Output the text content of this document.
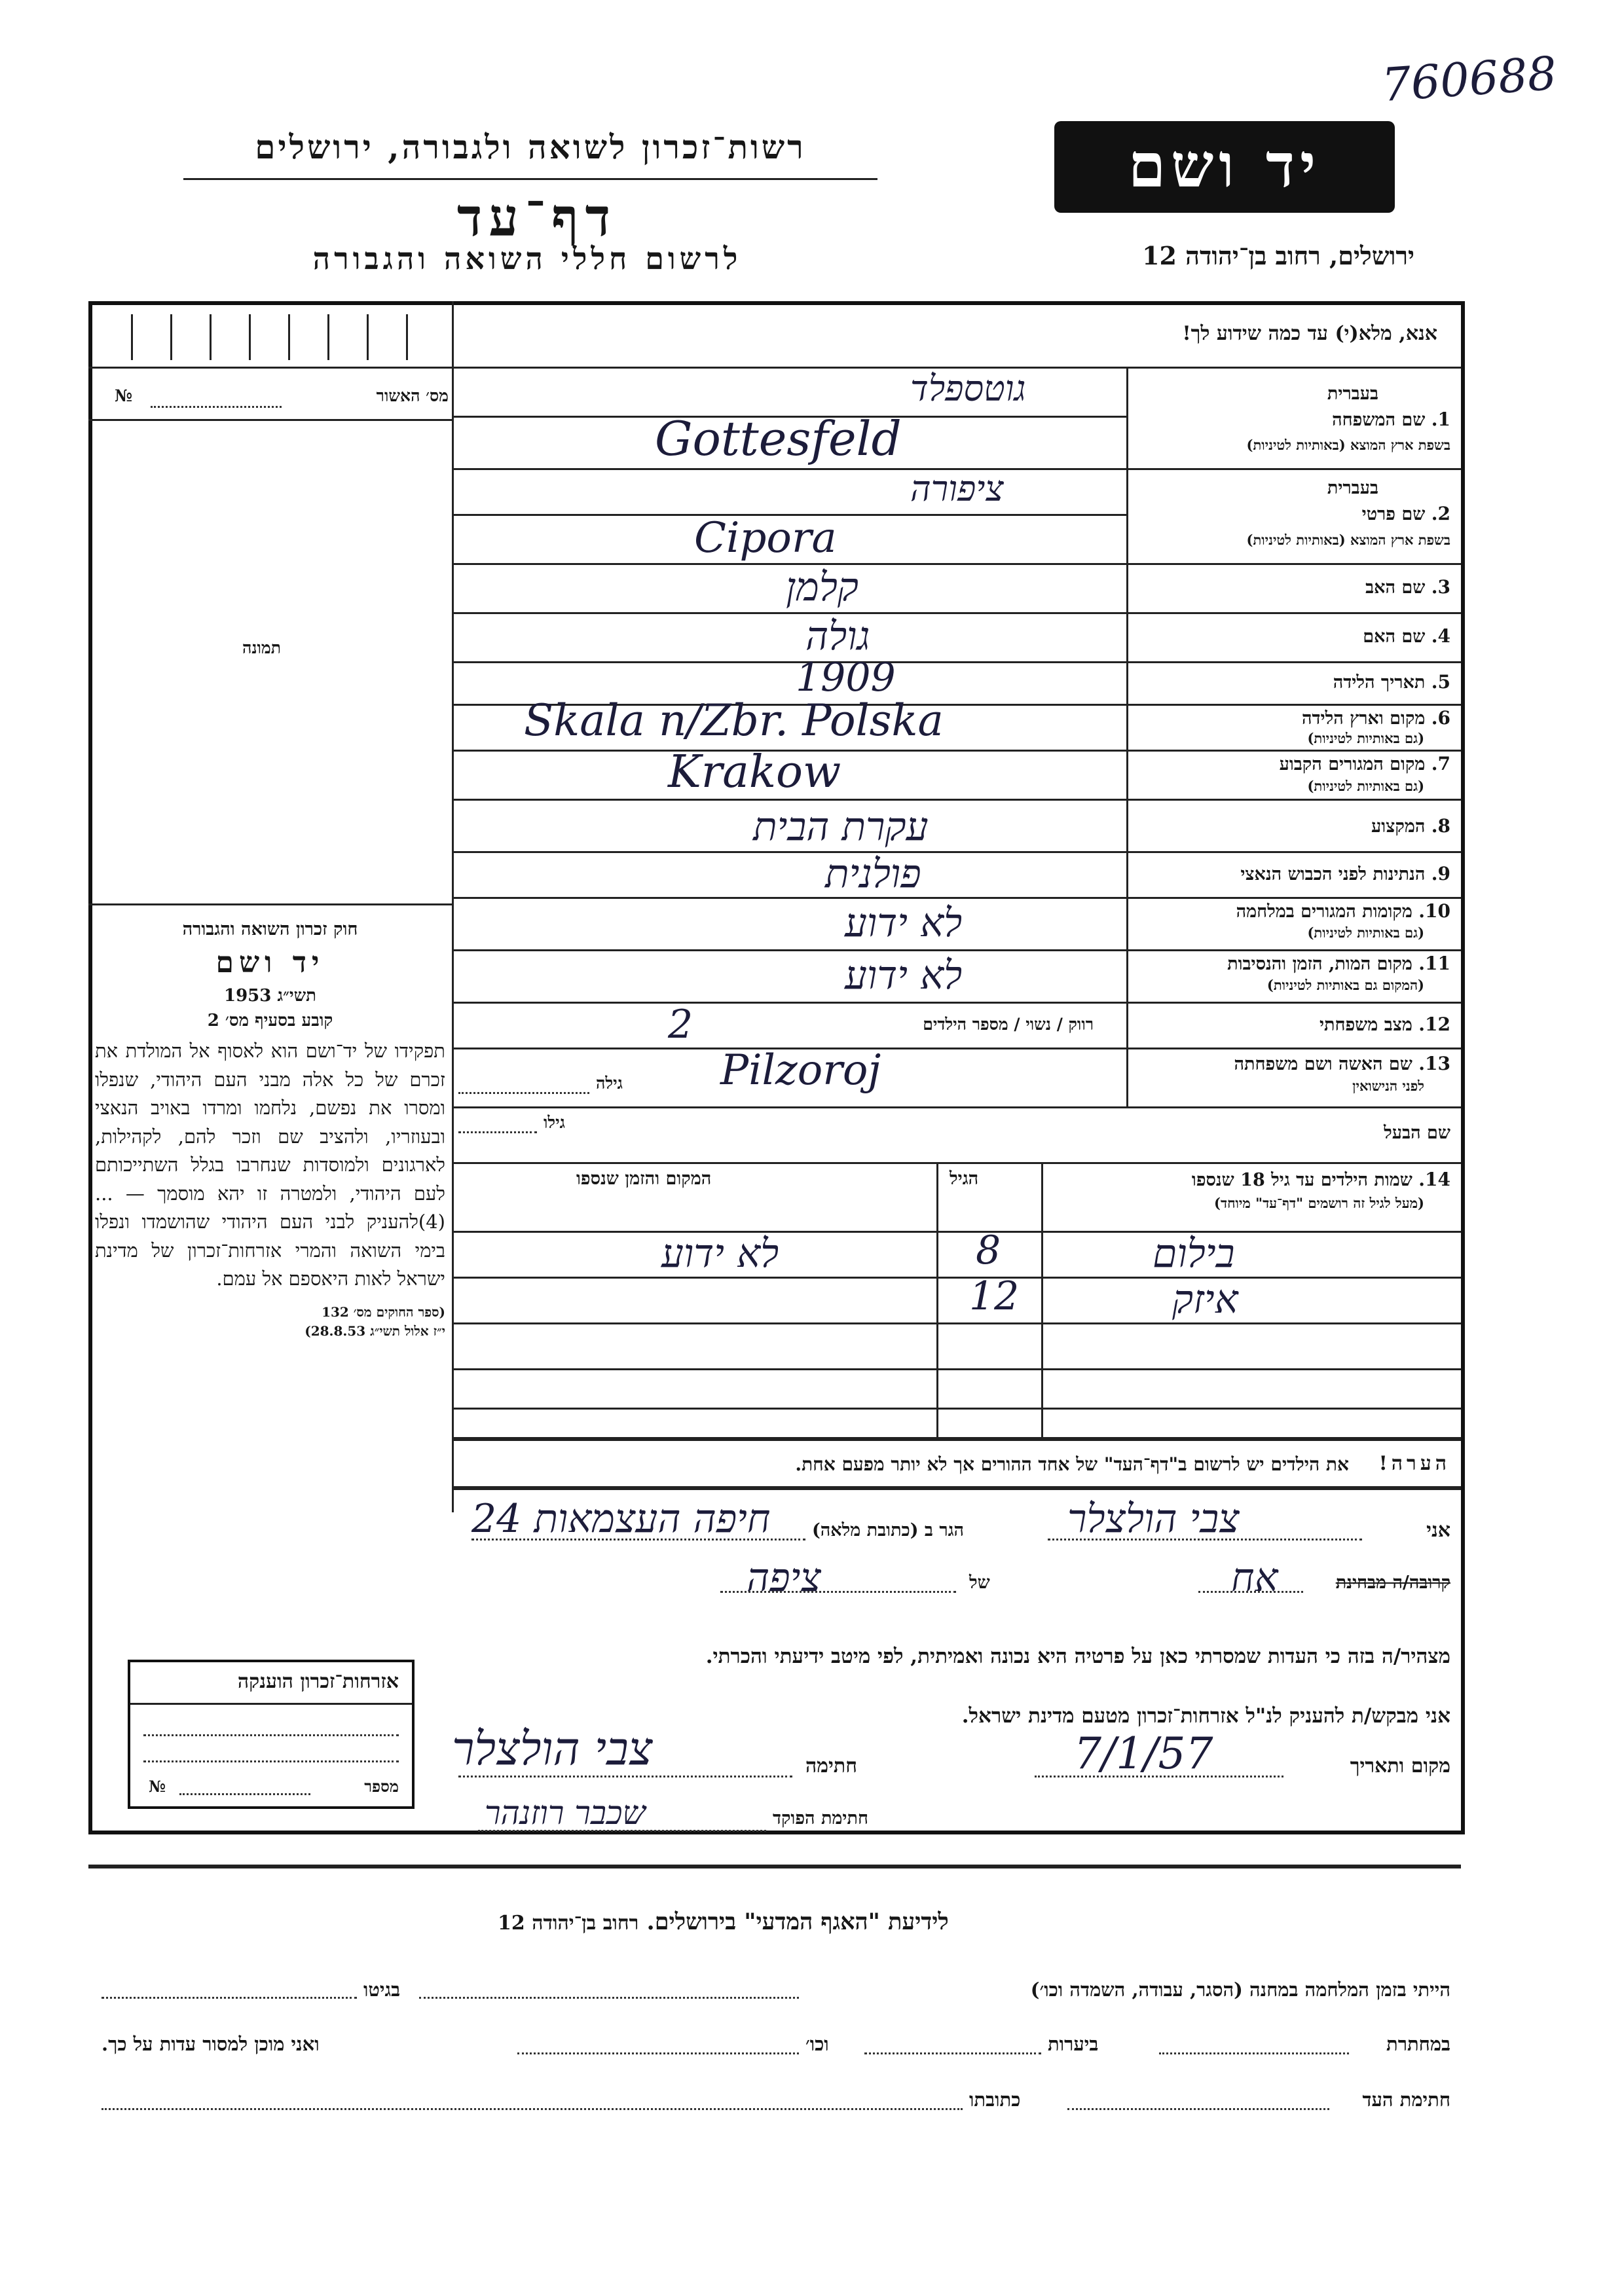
760688
רשות־זכרון לשואה ולגבורה, ירושלים
דף־עד
לרשום חללי השואה והגבורה
יד ושם
ירושלים, רחוב בן־יהודה 12
אנא, מלא(י) עד כמה שידוע לך!
מס׳ האשור
№
תמונה
בעברית
1. שם המשפחה
בשפת ארץ המוצא (באותיות לטיניות)
גוטספלד
Gottesfeld
בעברית
2. שם פרטי
בשפת ארץ המוצא (באותיות לטיניות)
ציפורה
Cipora
3. שם האב
קלמן
4. שם האם
גולה
5. תאריך הלידה
1909
6. מקום וארץ הלידה
(גם באותיות לטיניות)
Skala n/Zbr. Polska
7. מקום המגורים הקבוע
(גם באותיות לטיניות)
Krakow
8. המקצוע
עקרת הבית
9. הנתינות לפני הכבוש הנאצי
פולנית
10. מקומות המגורים במלחמה
(גם באותיות לטיניות)
לא ידוע
11. מקום המות, הזמן והנסיבות
(המקום גם באותיות לטיניות)
לא ידוע
12. מצב משפחתי
רווק / נשוי / מספר הילדים
2
13. שם האשה ושם משפחתה
לפני הנישואין
Pilzoroj
גילה
שם הבעל
גילו
14. שמות הילדים עד גיל 18 שנספו
(מעל לגיל זה רושמים "דף־עד" מיוחד)
הגיל
המקום והזמן שנספו
בילום
8
לא ידוע
איזק
12
חוק זכרון השואה והגבורה
יד ושם
תשי״ג 1953
קובע בסעיף מס׳ 2
תפקידו של יד־ושם הוא לאסוף אל המולדת את זכרם של כל אלה מבני העם היהודי, שנפלו ומסרו את נפשם, נלחמו ומרדו באויב הנאצי ובעוזריו, ולהציב שם וזכר להם, לקהילות, לארגונים ולמוסדות שנחרבו בגלל השתייכותם לעם היהודי, ולמטרה זו יהא מוסמך — ...(4)להעניק לבני העם היהודי שהושמדו ונפלו בימי השואה והמרי אזרחות־זכרון של מדינת ישראל לאות היאספם אל עמם.
(ספר החוקים מס׳ 132
י״ז אלול תשי״ג 28.8.53)
הערה!
את הילדים יש לרשום ב"דף־העד" של אחד ההורים אך לא יותר מפעם אחת.
אני
צבי הולצלר
הגר ב (כתובת מלאה)
חיפה העצמאות 24
קרובה/ה מבחינת
אח
של
ציפה
מצהיר/ה בזה כי העדות שמסרתי כאן על פרטיה היא נכונה ואמיתית, לפי מיטב ידיעתי והכרתי.
אני מבקש/ת להעניק לנ"ל אזרחות־זכרון מטעם מדינת ישראל.
מקום ותאריך
7/1/57
חתימה
צבי הולצלר
חתימת הפוקד
שכבר רוזנהר
אזרחות־זכרון הוענקה
מספר
№
לידיעת "האגף המדעי" בירושלים. רחוב בן־יהודה 12
הייתי בזמן המלחמה במחנה (הסגר, עבודה, השמדה וכו׳)
בגיטו
במחתרת
ביערות
וכו׳
ואני מוכן למסור עדות על כך.
חתימת העד
כתובתו
